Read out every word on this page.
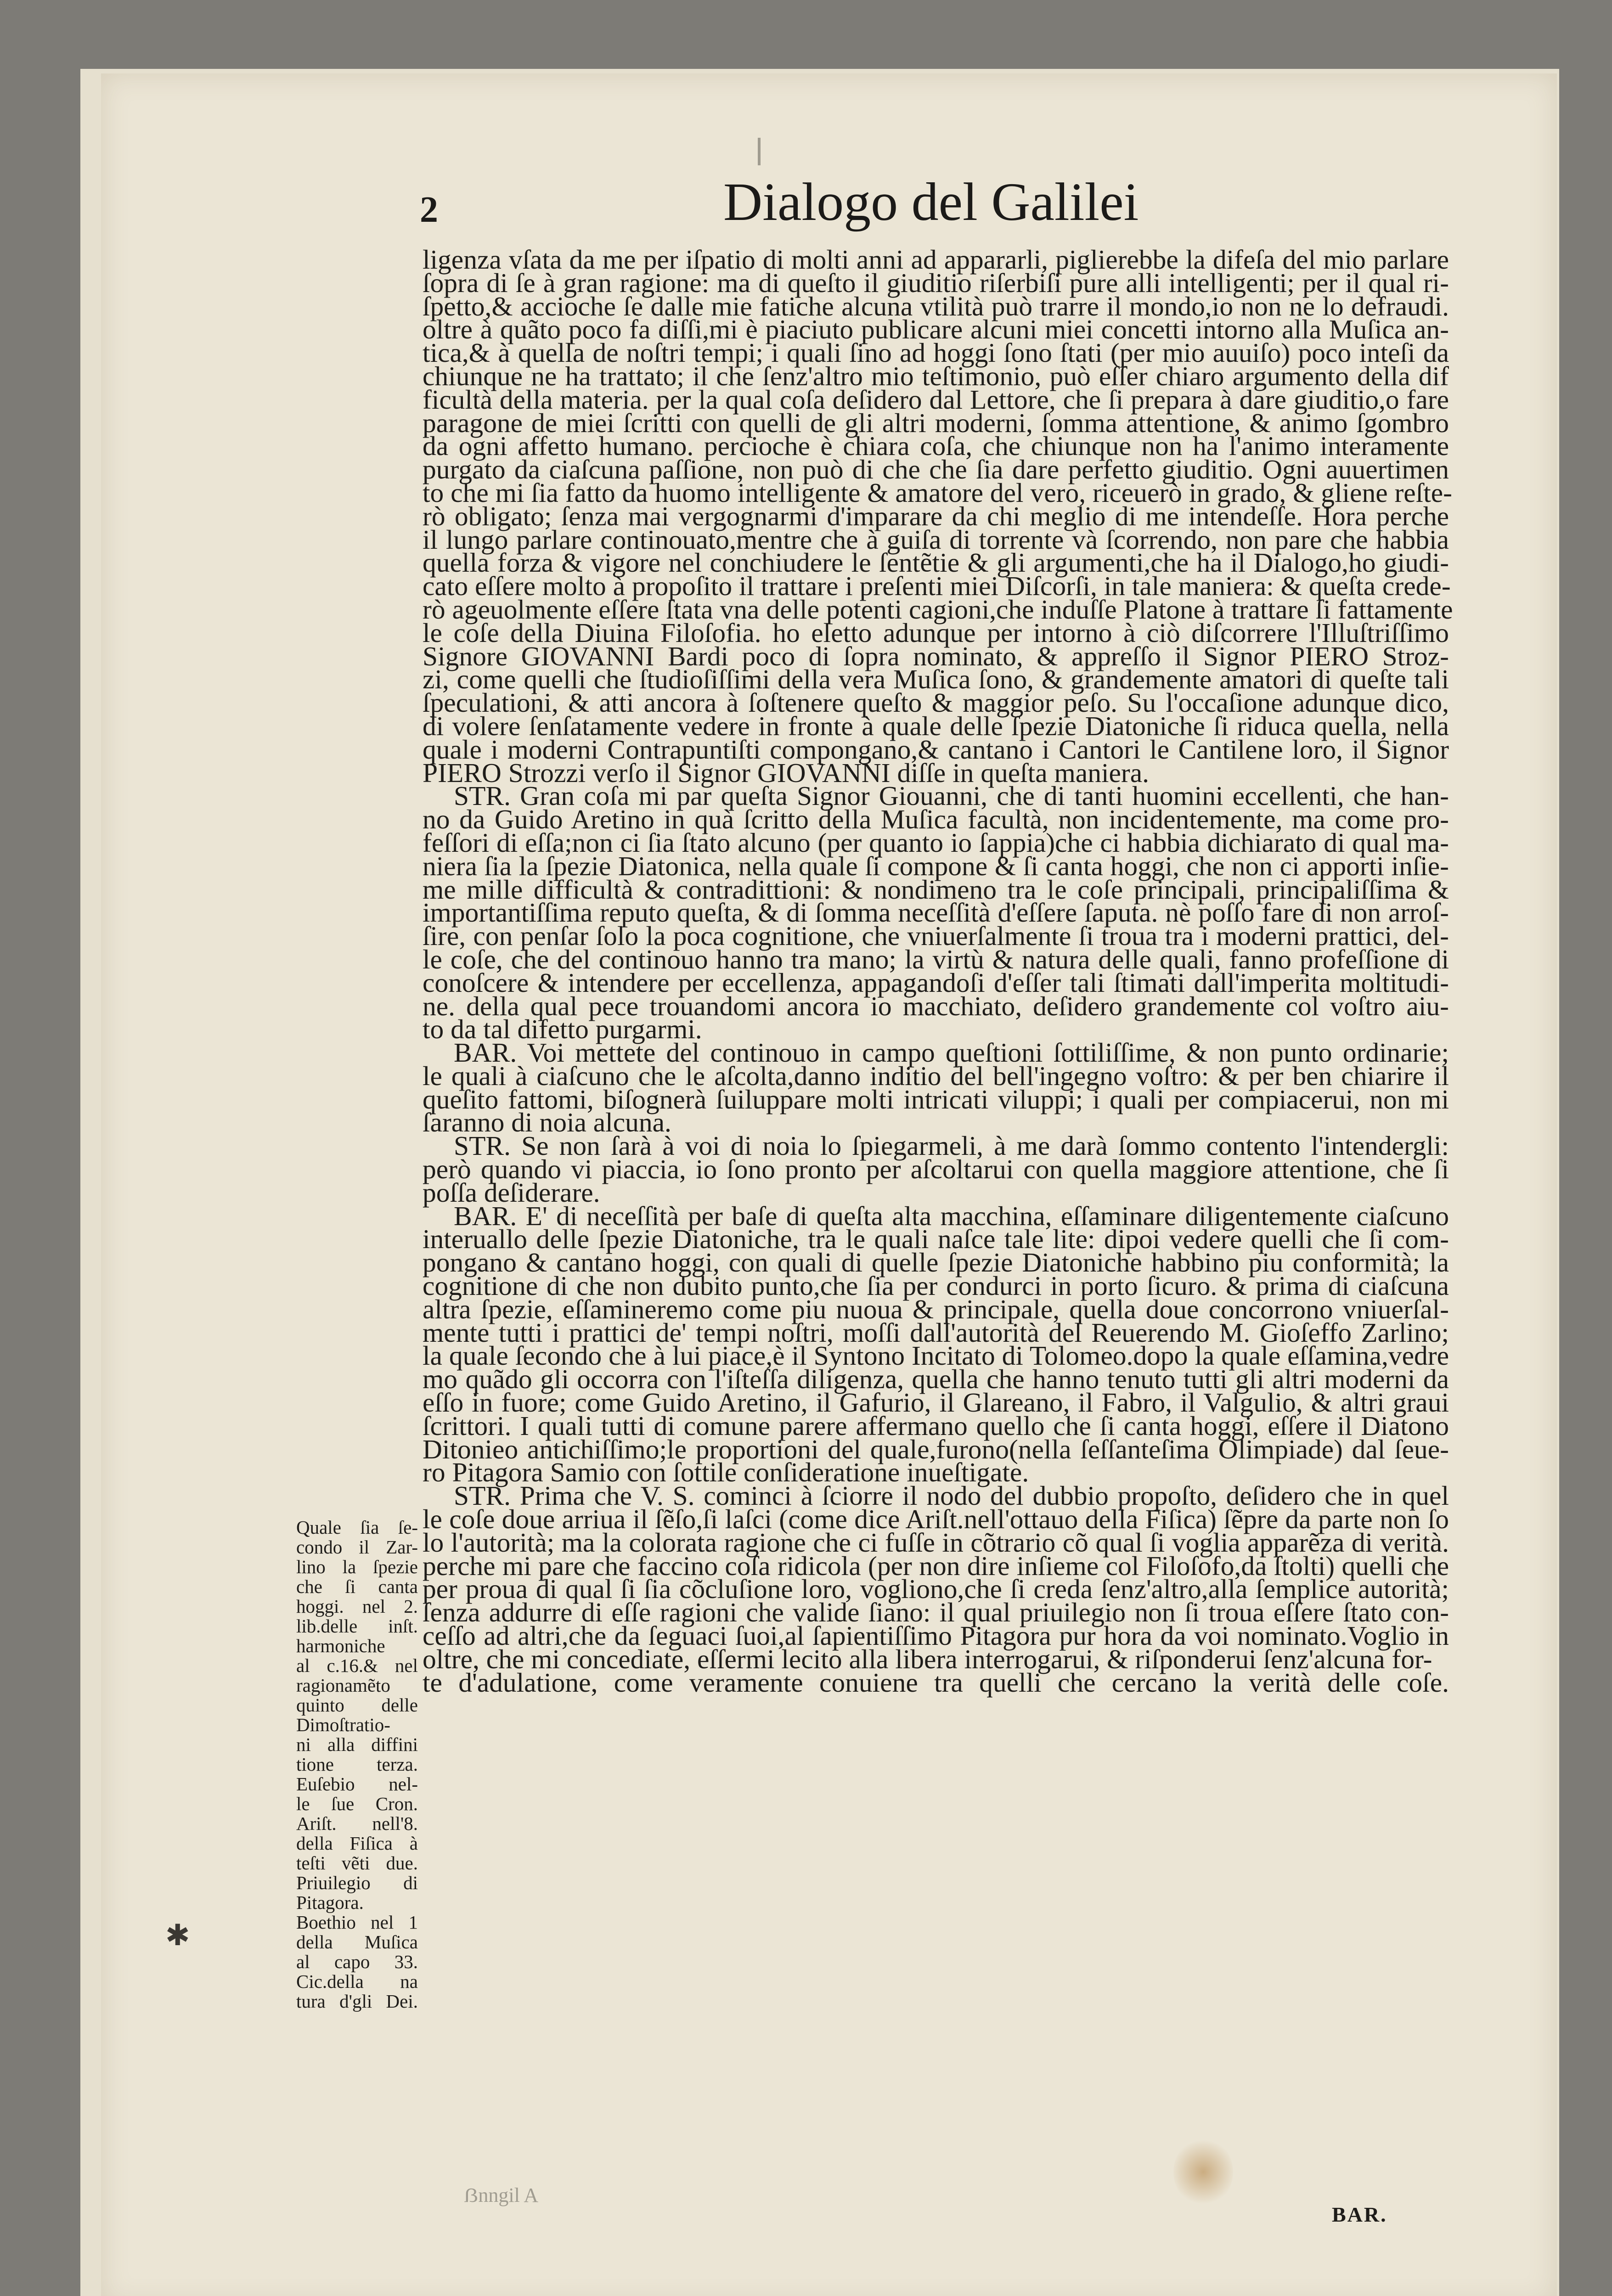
2	Dialogo del Galilei
ligenza vſata da me per iſpatio di molti anni ad appararli, piglierebbe la difeſa del mio parlare
ſopra di ſe à gran ragione: ma di queſto il giuditio riſerbiſi pure alli intelligenti; per il qual ri-
ſpetto,& accioche ſe dalle mie fatiche alcuna vtilità può trarre il mondo,io non ne lo defraudi.
oltre à quãto poco fa diſſi,mi è piaciuto publicare alcuni miei concetti intorno alla Muſica an-
tica,& à quella de noſtri tempi; i quali ſino ad hoggi ſono ſtati (per mio auuiſo) poco inteſi da
chiunque ne ha trattato; il che ſenz'altro mio teſtimonio, può eſſer chiaro argumento della dif
ficultà della materia. per la qual coſa deſidero dal Lettore, che ſi prepara à dare giuditio,o fare
paragone de miei ſcritti con quelli de gli altri moderni, ſomma attentione, & animo ſgombro
da ogni affetto humano. percioche è chiara coſa, che chiunque non ha l'animo interamente
purgato da ciaſcuna paſſione, non può di che che ſia dare perfetto giuditio. Ogni auuertimen
to che mi ſia fatto da huomo intelligente & amatore del vero, riceuerò in grado, & gliene reſte-
rò obligato; ſenza mai vergognarmi d'imparare da chi meglio di me intendeſſe. Hora perche
il lungo parlare continouato,mentre che à guiſa di torrente và ſcorrendo, non pare che habbia
quella forza & vigore nel conchiudere le ſentẽtie & gli argumenti,che ha il Dialogo,ho giudi-
cato eſſere molto à propoſito il trattare i preſenti miei Diſcorſi, in tale maniera: & queſta crede-
rò ageuolmente eſſere ſtata vna delle potenti cagioni,che induſſe Platone à trattare ſi fattamente
le coſe della Diuina Filoſofia. ho eletto adunque per intorno à ciò diſcorrere l'Illuſtriſſimo
Signore GIOVANNI Bardi poco di ſopra nominato, & appreſſo il Signor PIERO Stroz-
zi, come quelli che ſtudioſiſſimi della vera Muſica ſono, & grandemente amatori di queſte tali
ſpeculationi, & atti ancora à ſoſtenere queſto & maggior peſo. Su l'occaſione adunque dico,
di volere ſenſatamente vedere in fronte à quale delle ſpezie Diatoniche ſi riduca quella, nella
quale i moderni Contrapuntiſti compongano,& cantano i Cantori le Cantilene loro, il Signor
PIERO Strozzi verſo il Signor GIOVANNI diſſe in queſta maniera.
STR. Gran coſa mi par queſta Signor Giouanni, che di tanti huomini eccellenti, che han-
no da Guido Aretino in quà ſcritto della Muſica facultà, non incidentemente, ma come pro-
feſſori di eſſa;non ci ſia ſtato alcuno (per quanto io ſappia)che ci habbia dichiarato di qual ma-
niera ſia la ſpezie Diatonica, nella quale ſi compone & ſi canta hoggi, che non ci apporti inſie-
me mille difficultà & contradittioni: & nondimeno tra le coſe principali, principaliſſima &
importantiſſima reputo queſta, & di ſomma neceſſità d'eſſere ſaputa. nè poſſo fare di non arroſ-
ſire, con penſar ſolo la poca cognitione, che vniuerſalmente ſi troua tra i moderni prattici, del-
le coſe, che del continouo hanno tra mano; la virtù & natura delle quali, fanno profeſſione di
conoſcere & intendere per eccellenza, appagandoſi d'eſſer tali ſtimati dall'imperita moltitudi-
ne. della qual pece trouandomi ancora io macchiato, deſidero grandemente col voſtro aiu-
to da tal difetto purgarmi.
BAR. Voi mettete del continouo in campo queſtioni ſottiliſſime, & non punto ordinarie;
le quali à ciaſcuno che le aſcolta,danno inditio del bell'ingegno voſtro: & per ben chiarire il
queſito fattomi, biſognerà ſuiluppare molti intricati viluppi; i quali per compiacerui, non mi
ſaranno di noia alcuna.
STR. Se non ſarà à voi di noia lo ſpiegarmeli, à me darà ſommo contento l'intendergli:
però quando vi piaccia, io ſono pronto per aſcoltarui con quella maggiore attentione, che ſi
poſſa deſiderare.
BAR. E' di neceſſità per baſe di queſta alta macchina, eſſaminare diligentemente ciaſcuno
interuallo delle ſpezie Diatoniche, tra le quali naſce tale lite: dipoi vedere quelli che ſi com-
pongano & cantano hoggi, con quali di quelle ſpezie Diatoniche habbino piu conformità; la
cognitione di che non dubito punto,che ſia per condurci in porto ſicuro. & prima di ciaſcuna
altra ſpezie, eſſamineremo come piu nuoua & principale, quella doue concorrono vniuerſal-
mente tutti i prattici de' tempi noſtri, moſſi dall'autorità del Reuerendo M. Gioſeffo Zarlino;
la quale ſecondo che à lui piace,è il Syntono Incitato di Tolomeo.dopo la quale eſſamina,vedre
mo quãdo gli occorra con l'iſteſſa diligenza, quella che hanno tenuto tutti gli altri moderni da
eſſo in fuore; come Guido Aretino, il Gafurio, il Glareano, il Fabro, il Valgulio, & altri graui
ſcrittori. I quali tutti di comune parere affermano quello che ſi canta hoggi, eſſere il Diatono
Ditonieo antichiſſimo;le proportioni del quale,furono(nella ſeſſanteſima Olimpiade) dal ſeue-
ro Pitagora Samio con ſottile conſideratione inueſtigate.
STR. Prima che V. S. cominci à ſciorre il nodo del dubbio propoſto, deſidero che in quel
le coſe doue arriua il ſẽſo,ſi laſci (come dice Ariſt.nell'ottauo della Fiſica) ſẽpre da parte non ſo
lo l'autorità; ma la colorata ragione che ci fuſſe in cõtrario cõ qual ſi voglia apparẽza di verità.
perche mi pare che faccino coſa ridicola (per non dire inſieme col Filoſofo,da ſtolti) quelli che
per proua di qual ſi ſia cõcluſione loro, vogliono,che ſi creda ſenz'altro,alla ſemplice autorità;
ſenza addurre di eſſe ragioni che valide ſiano: il qual priuilegio non ſi troua eſſere ſtato con-
ceſſo ad altri,che da ſeguaci ſuoi,al ſapientiſſimo Pitagora pur hora da voi nominato.Voglio in
oltre, che mi concediate, eſſermi lecito alla libera interrogarui, & riſponderui ſenz'alcuna for-
te d'adulatione, come veramente conuiene tra quelli che cercano la verità delle coſe.
Quale ſia ſe-
condo il Zar-
lino la ſpezie
che ſi canta
hoggi. nel 2.
lib.delle inſt.
harmoniche
al c.16.& nel
ragionamẽto
quinto delle
Dimoſtratio-
ni alla diffini
tione terza.
Euſebio nel-
le ſue Cron.
Ariſt. nell'8.
della Fiſica à
teſti vẽti due.
Priuilegio di
Pitagora.
Boethio nel 1
della Muſica
al capo 33.
Cic.della na
tura d'gli Dei.
✱
ẞnngil A
BAR.
